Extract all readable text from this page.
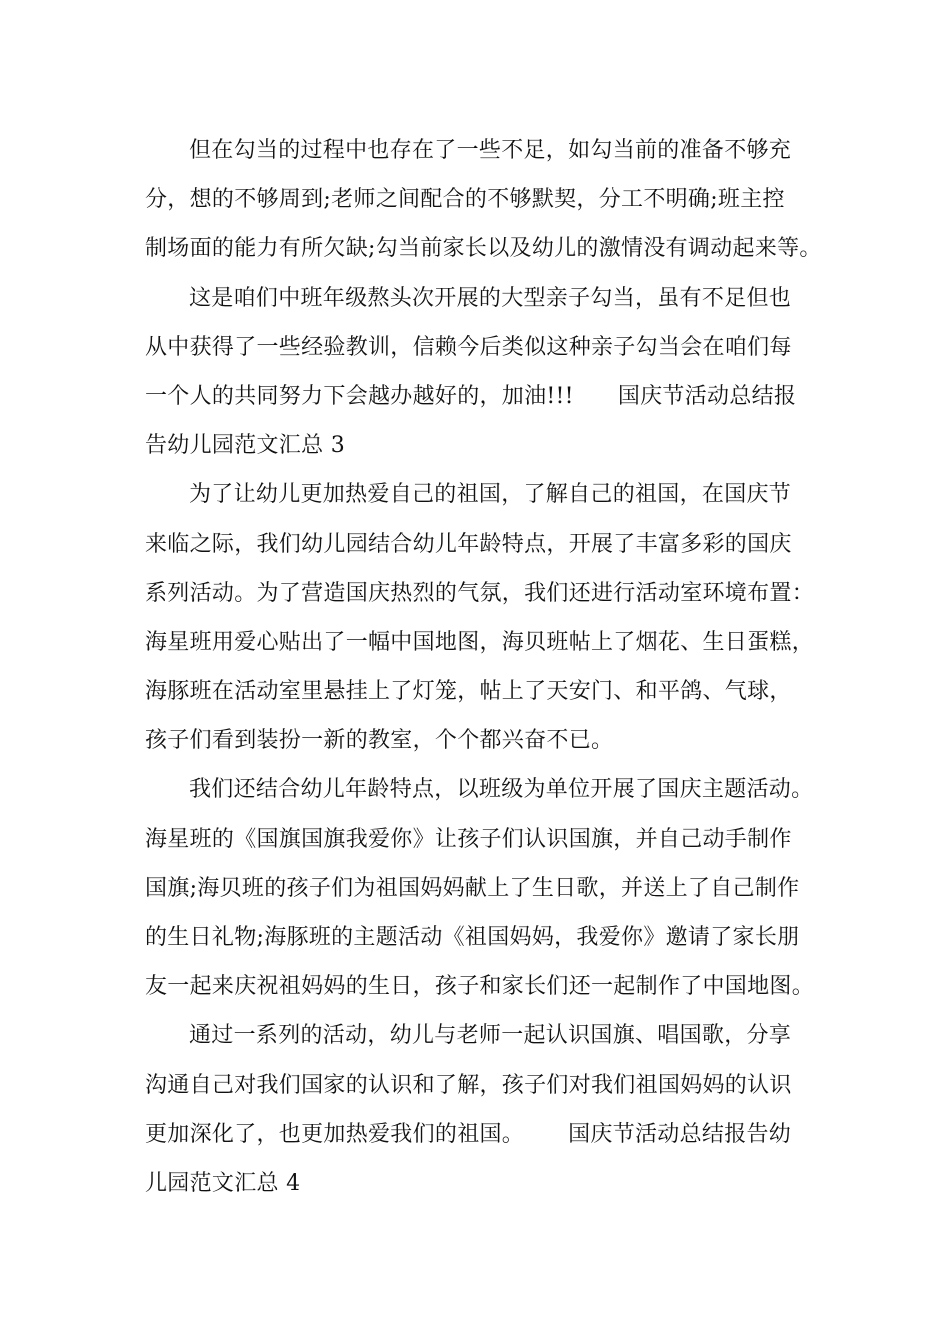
但在勾当的过程中也存在了一些不足，如勾当前的准备不够充
分，想的不够周到;老师之间配合的不够默契，分工不明确;班主控
制场面的能力有所欠缺;勾当前家长以及幼儿的激情没有调动起来等。
这是咱们中班年级熬头次开展的大型亲子勾当，虽有不足但也
从中获得了一些经验教训，信赖今后类似这种亲子勾当会在咱们每
一个人的共同努力下会越办越好的，加油!!! 国庆节活动总结报
告幼儿园范文汇总 3
为了让幼儿更加热爱自己的祖国，了解自己的祖国，在国庆节
来临之际，我们幼儿园结合幼儿年龄特点，开展了丰富多彩的国庆
系列活动。为了营造国庆热烈的气氛，我们还进行活动室环境布置：
海星班用爱心贴出了一幅中国地图，海贝班帖上了烟花、生日蛋糕，
海豚班在活动室里悬挂上了灯笼，帖上了天安门、和平鸽、气球，
孩子们看到装扮一新的教室，个个都兴奋不已。
我们还结合幼儿年龄特点，以班级为单位开展了国庆主题活动。
海星班的《国旗国旗我爱你》让孩子们认识国旗，并自己动手制作
国旗;海贝班的孩子们为祖国妈妈献上了生日歌，并送上了自己制作
的生日礼物;海豚班的主题活动《祖国妈妈，我爱你》邀请了家长朋
友一起来庆祝祖妈妈的生日，孩子和家长们还一起制作了中国地图。
通过一系列的活动，幼儿与老师一起认识国旗、唱国歌，分享
沟通自己对我们国家的认识和了解，孩子们对我们祖国妈妈的认识
更加深化了，也更加热爱我们的祖国。 国庆节活动总结报告幼
儿园范文汇总 4
